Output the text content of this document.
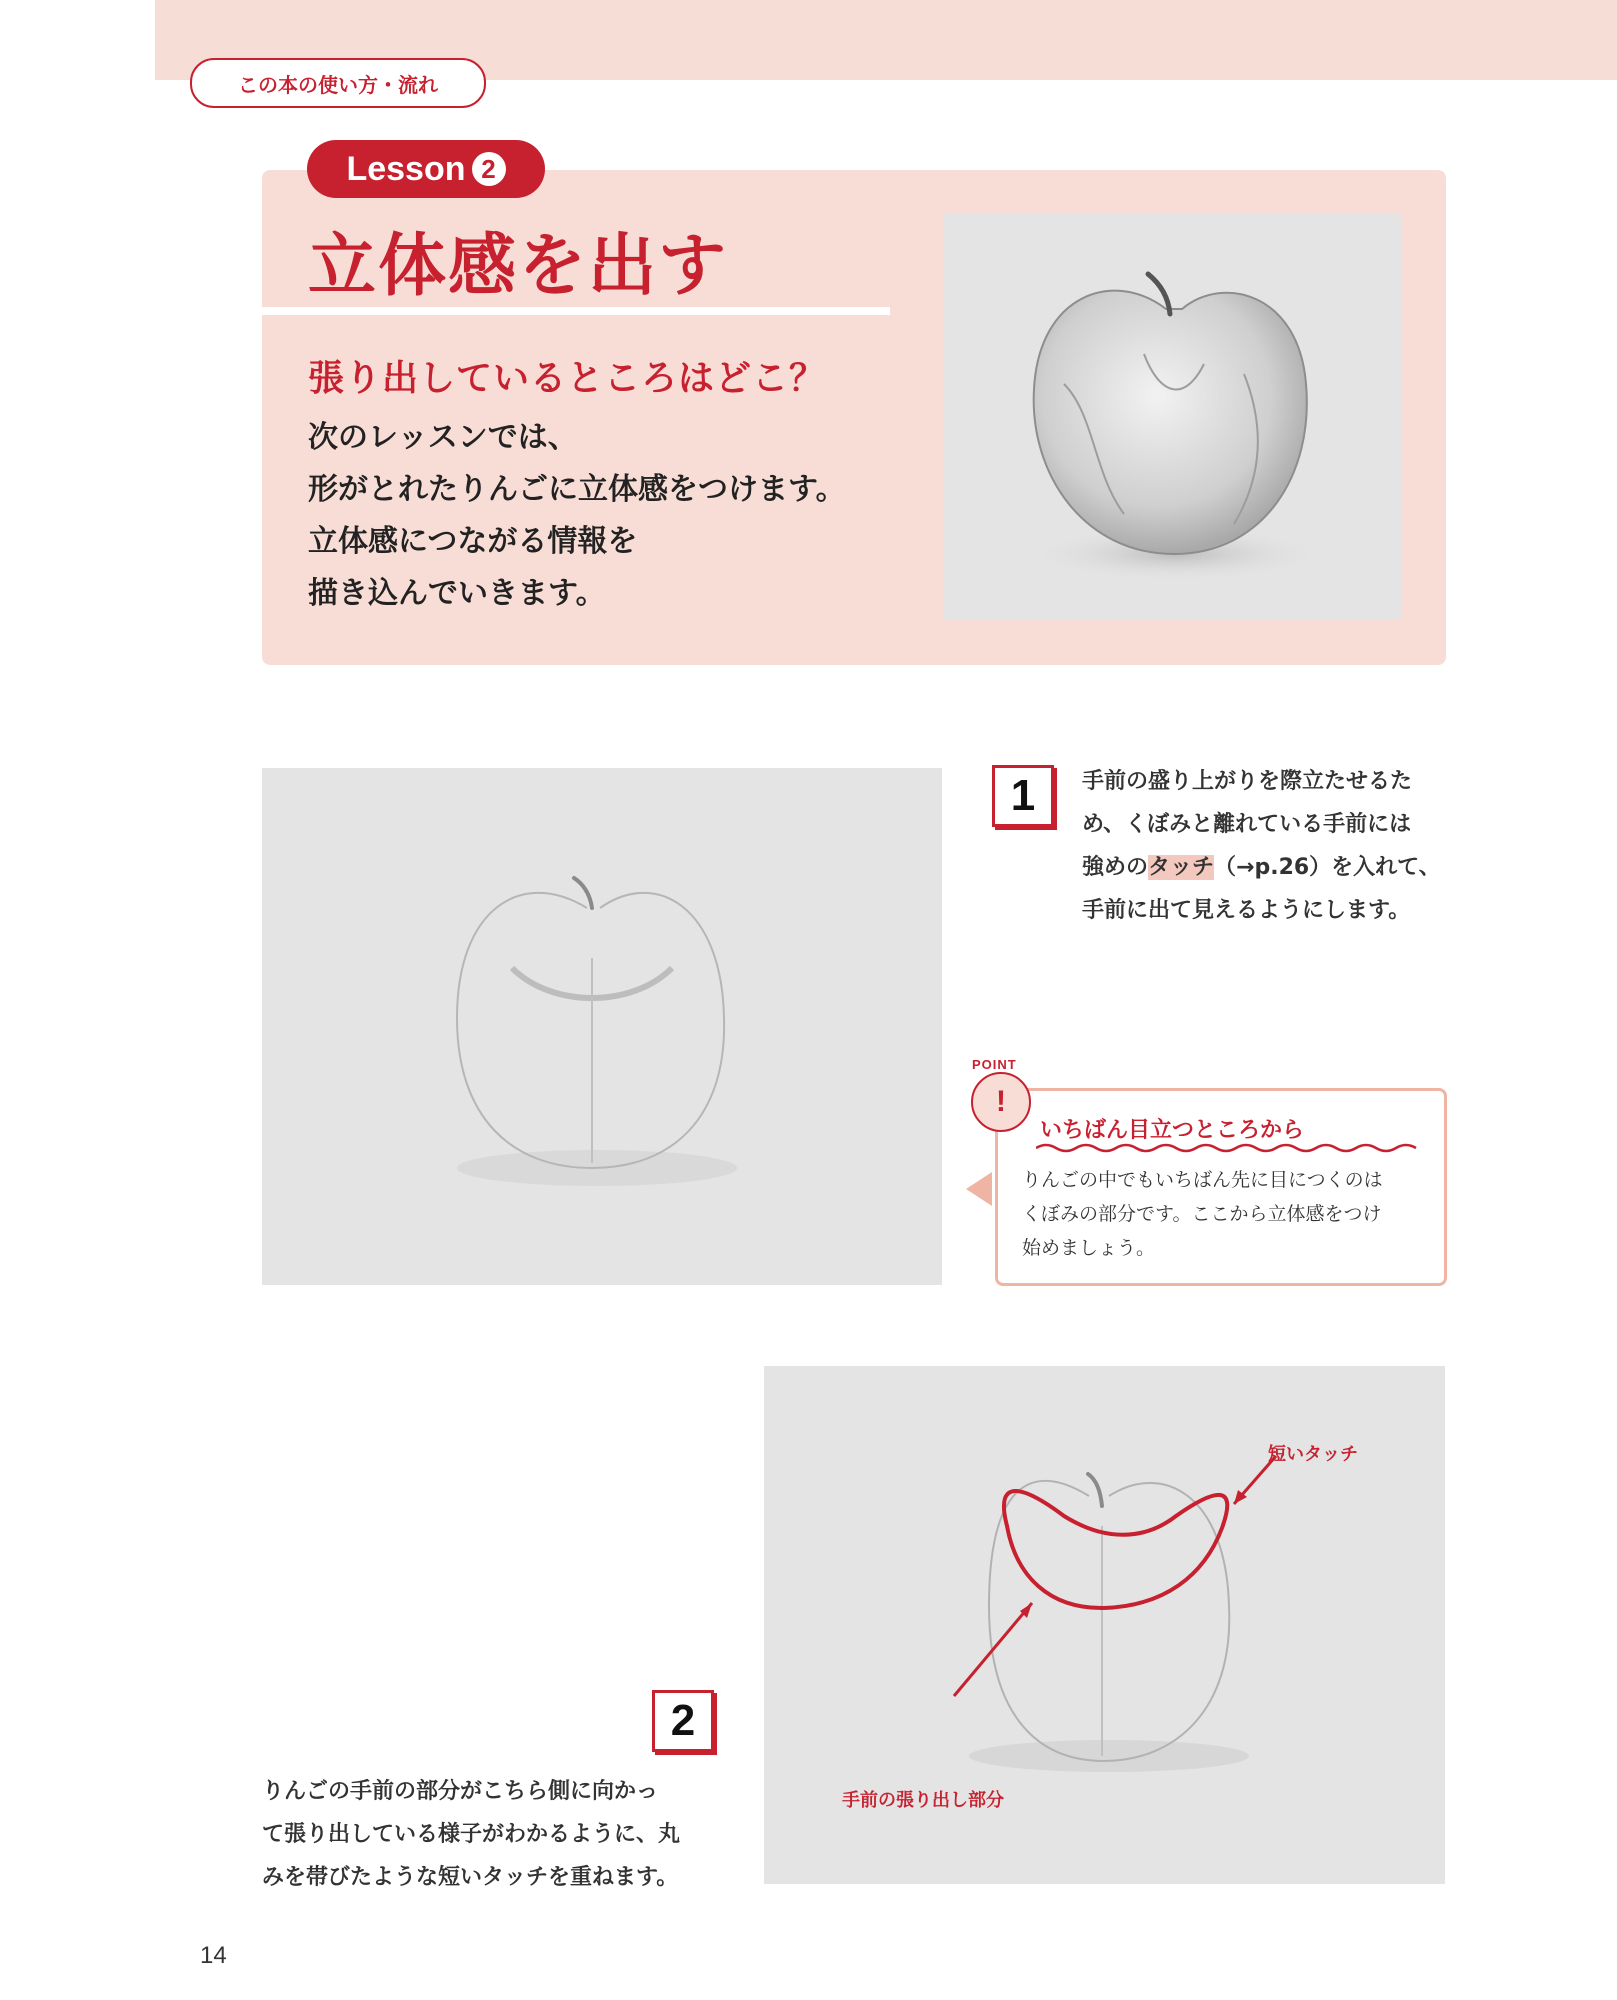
この本の使い方・流れ
Lesson 2
立体感を出す
張り出しているところはどこ？
次のレッスンでは、
形がとれたりんごに立体感をつけます。
立体感につながる情報を
描き込んでいきます。
1	手前の盛り上がりを際立たせるた
め、くぼみと離れている手前には
強めのタッチ（→p.26）を入れて、
手前に出て見えるようにします。
POINT
!
いちばん目立つところから
りんごの中でもいちばん先に目につくのは
くぼみの部分です。ここから立体感をつけ
始めましょう。
短いタッチ
手前の張り出し部分
2
りんごの手前の部分がこちら側に向かっ
て張り出している様子がわかるように、丸
みを帯びたような短いタッチを重ねます。
14
